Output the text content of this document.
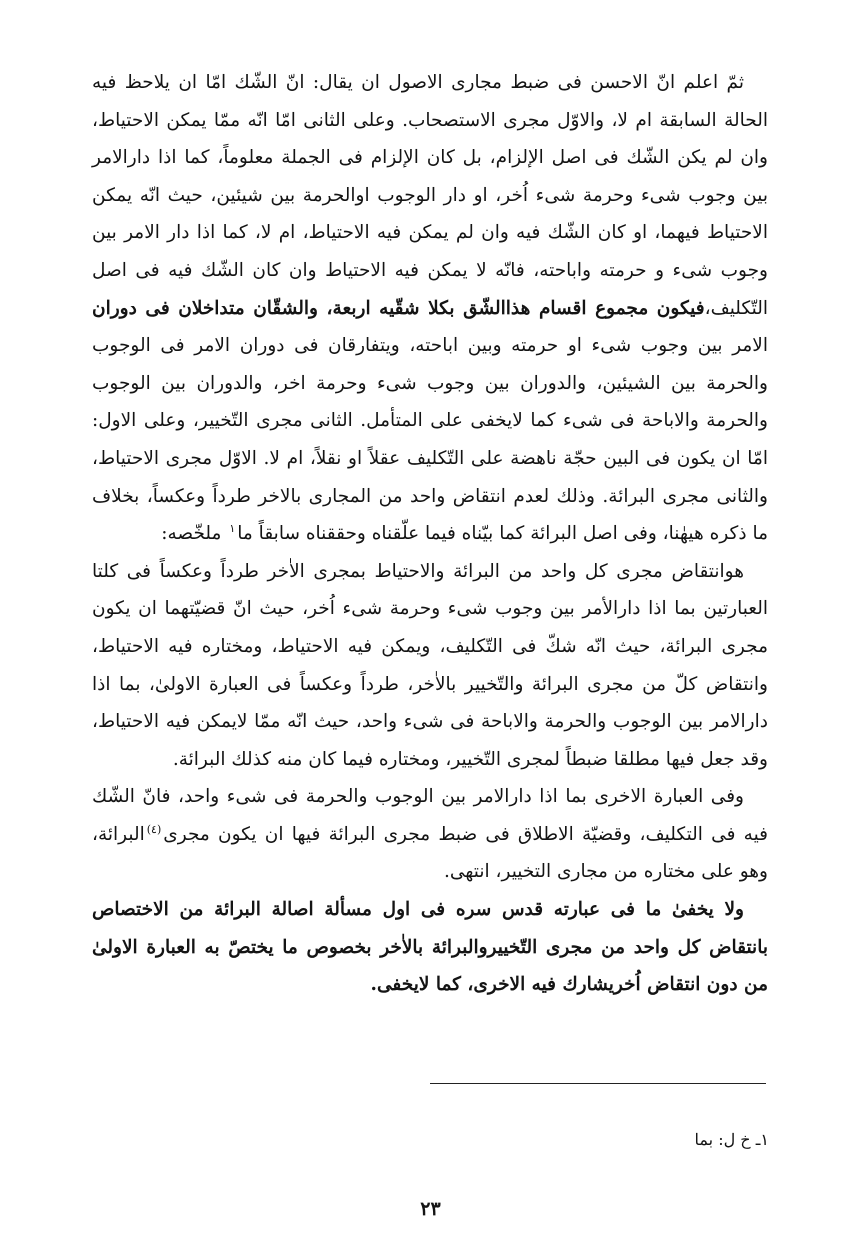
ثمّ اعلم انّ الاحسن فی ضبط مجاری الاصول ان یقال: انّ الشّك امّا ان یلاحظ فیه الحالة السابقة ام لا، والاوّل مجری الاستصحاب. وعلی الثانی امّا انّه ممّا یمكن الاحتیاط، وان لم یكن الشّك فی اصل الإلزام، بل كان الإلزام فی الجملة معلوماً، كما اذا دارالامر بین وجوب شیء وحرمة شیء اُخر، او دار الوجوب اوالحرمة بین شیئین، حیث انّه یمكن الاحتیاط فیهما، او كان الشّك فیه وان لم یمكن فیه الاحتیاط، ام لا، كما اذا دار الامر بین وجوب شیء و حرمته واباحته، فانّه لا یمكن فیه الاحتیاط وان كان الشّك فیه فی اصل التّكلیف،فیكون مجموع اقسام هذاالشّق بكلا شقّیه اربعة، والشقّان متداخلان فی دوران الامر بین وجوب شیء او حرمته وبین اباحته، ویتفارقان فی دوران الامر فی الوجوب والحرمة بین الشیئین، والدوران بین وجوب شیء وحرمة اخر، والدوران بین الوجوب والحرمة والاباحة فی شیء كما لایخفی علی المتأمل. الثانی مجری التّخییر، وعلی الاول: امّا ان یكون فی البین حجّة ناهضة علی التّكلیف عقلاً او نقلاً، ام لا. الاوّل مجری الاحتیاط، والثانی مجری البرائة. وذلك لعدم انتقاض واحد من المجاری بالاخر طرداً وعكساً، بخلاف ما ذكره هیهٰنا، وفی اصل البرائة كما بیّناه فیما علّقناه وحققناه سابقاً ما$^١$ ملخّصه:

هوانتقاض مجری كل واحد من البرائة والاحتیاط بمجری الاٰخر طرداً وعكساً فی كلتا العبارتین بما اذا دارالأمر بین وجوب شیء وحرمة شیء اُخر، حیث انّ قضیّتهما ان یكون مجری البرائة، حیث انّه شكّ فی التّكلیف، ویمكن فیه الاحتیاط، ومختاره فیه الاحتیاط، وانتقاض كلّ من مجری البرائة والتّخییر بالاٰخر، طرداً وعكساً فی العبارة الاولیٰ، بما اذا دارالامر بین الوجوب والحرمة والاباحة فی شیء واحد، حیث انّه ممّا لایمكن فیه الاحتیاط، وقد جعل فیها مطلقا ضبطاً لمجری التّخییر، ومختاره فیما كان منه كذلك البرائة.

وفی العبارة الاخری بما اذا دارالامر بین الوجوب والحرمة فی شیء واحد، فانّ الشّك فیه فی التكلیف، وقضیّة الاطلاق فی ضبط مجری البرائة فیها ان یكون مجری$^{(٤)}$البرائة، وهو علی مختاره من مجاری التخییر، انتهی.

ولا یخفیٰ ما فی عبارته قدس سره فی اول مسألة اصالة البرائة من الاختصاص بانتقاض كل واحد من مجری التّخییروالبرائة بالاٰخر بخصوص ما یختصّ به العبارة الاولیٰ من دون انتقاض اُخریشارك فیه الاخری، كما لایخفی.

١ـ خ ل: بما
٢٣
